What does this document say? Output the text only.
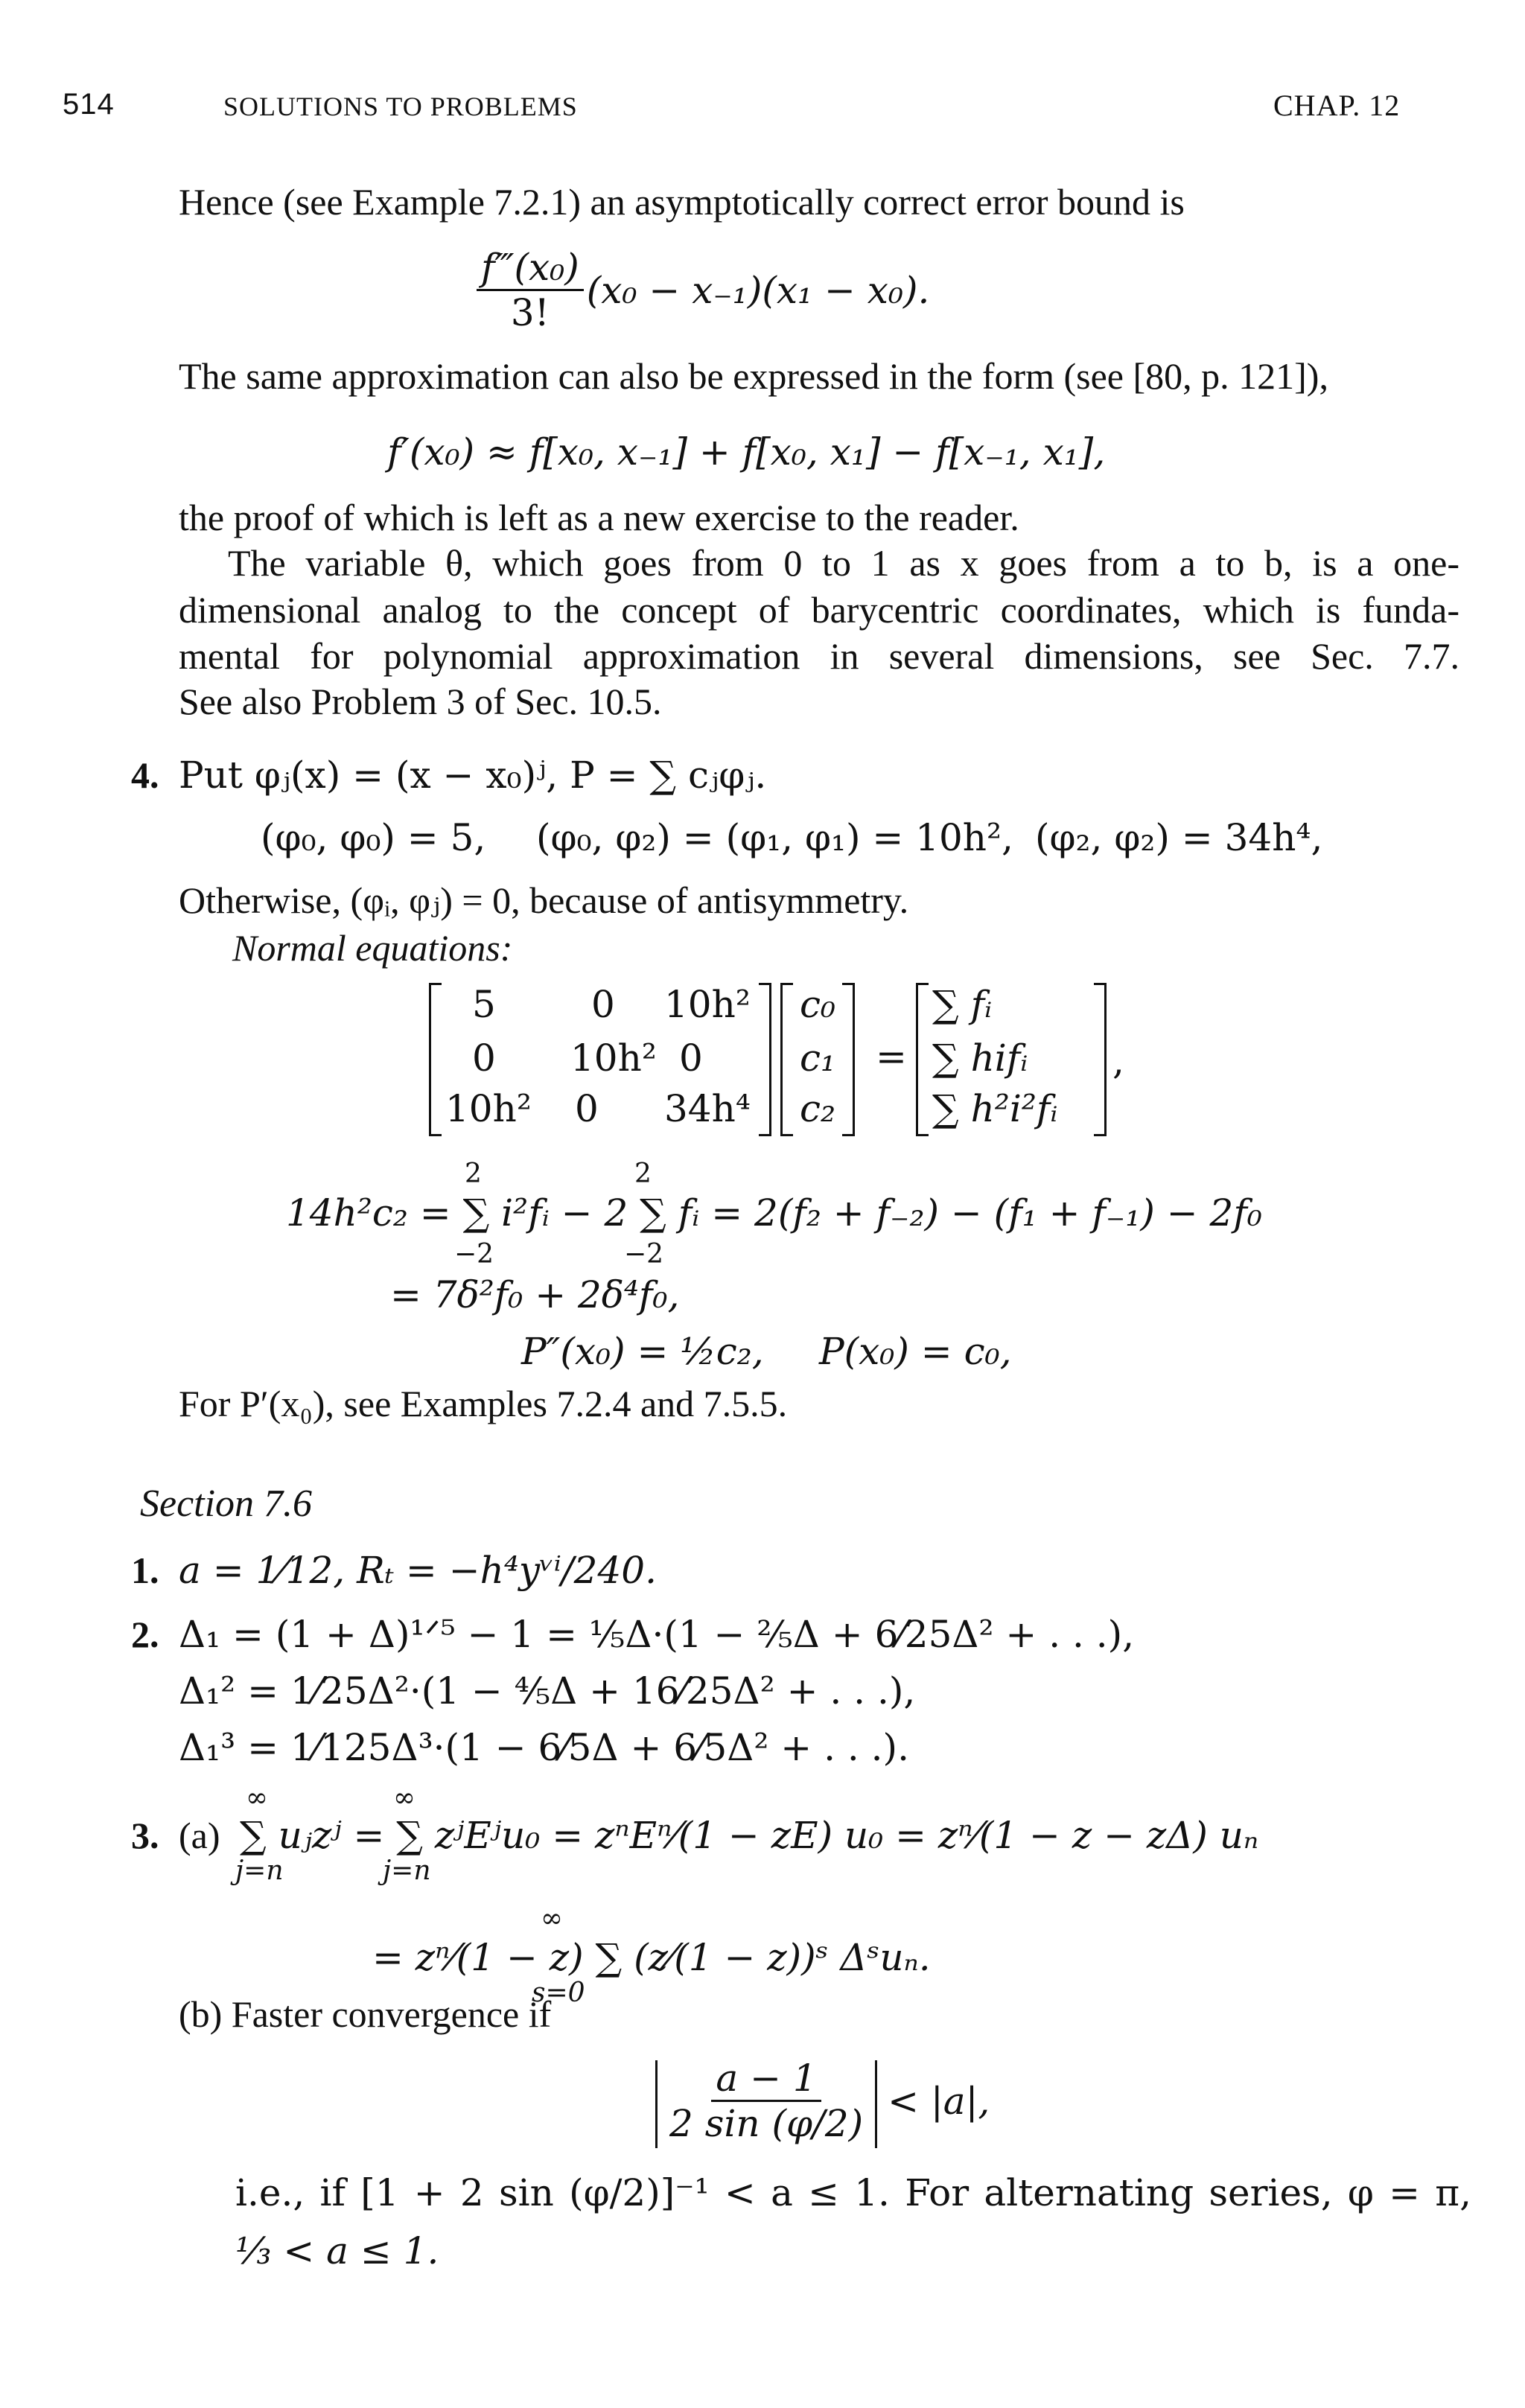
514	SOLUTIONS TO PROBLEMS	CHAP. 12
Hence (see Example 7.2.1) an asymptotically correct error bound is
$\frac{\text{f‴(x₀)}}{3!} (x_0 - x_{-1})(x_1 - x_0)$.
The same approximation can also be expressed in the form (see [80, p. 121]),
f′(x₀) ≈ f[x₀, x₋₁] + f[x₀, x₁] − f[x₋₁, x₁],
the proof of which is left as a new exercise to the reader.
The variable θ, which goes from 0 to 1 as x goes from a to b, is a one-
dimensional analog to the concept of barycentric coordinates, which is funda-
mental for polynomial approximation in several dimensions, see Sec. 7.7.
See also Problem 3 of Sec. 10.5.
4. Put φⱼ(x) = (x − x₀)ʲ, P = ∑ cⱼφⱼ.
(φ₀, φ₀) = 5, (φ₀, φ₂) = (φ₁, φ₁) = 10h², (φ₂, φ₂) = 34h⁴,
Otherwise, (φᵢ, φⱼ) = 0, because of antisymmetry.
Normal equations:
5	0 10h²
0 10h² 0
10h² 0 34h⁴
c₀
c₁
c₂
=
∑ fᵢ
∑ hifᵢ
∑ h²i²fᵢ
,
2	2
14h²c₂ = ∑ i²fᵢ − 2 ∑ fᵢ = 2(f₂ + f₋₂) − (f₁ + f₋₁) − 2f₀
−2	−2
= 7δ²f₀ + 2δ⁴f₀,
P″(x₀) = ½c₂, P(x₀) = c₀,
For P′(x₀), see Examples 7.2.4 and 7.5.5.
Section 7.6
1. a = 1⁄12, Rₜ = −h⁴yᵛⁱ/240.
2. Δ₁ = (1 + Δ)¹ᐟ⁵ − 1 = ⅕Δ·(1 − ⅖Δ + 6⁄25Δ² + . . .),
Δ₁² = 1⁄25Δ²·(1 − ⅘Δ + 16⁄25Δ² + . . .),
Δ₁³ = 1⁄125Δ³·(1 − 6⁄5Δ + 6⁄5Δ² + . . .).
3. (a)
∞	∞
∑ uⱼzʲ = ∑ zʲEʲu₀ = zⁿEⁿ⁄(1 − zE) u₀ = zⁿ⁄(1 − z − zΔ) uₙ
j=n	j=n
∞
= zⁿ⁄(1 − z) ∑ (z⁄(1 − z))ˢ Δˢuₙ.
s=0
(b) Faster convergence if
$\frac{a - 1}{2 \sin (\varphi/2)} < |a|$,
i.e., if [1 + 2 sin (φ/2)]⁻¹ < a ≤ 1. For alternating series, φ = π,
⅓ < a ≤ 1.
